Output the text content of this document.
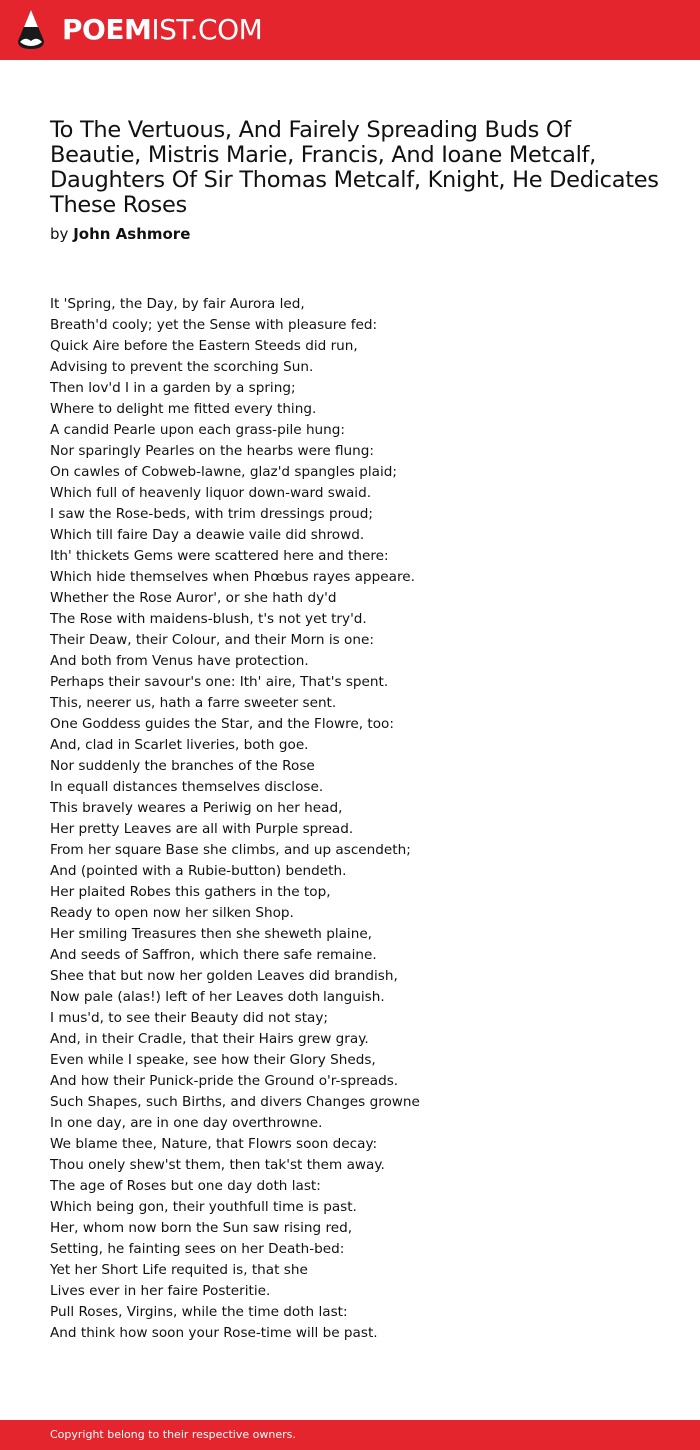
POEMIST.COM
To The Vertuous, And Fairely Spreading Buds Of Beautie, Mistris Marie, Francis, And Ioane Metcalf, Daughters Of Sir Thomas Metcalf, Knight, He Dedicates These Roses
by John Ashmore
It 'Spring, the Day, by fair Aurora led,
Breath'd cooly; yet the Sense with pleasure fed:
Quick Aire before the Eastern Steeds did run,
Advising to prevent the scorching Sun.
Then lov'd I in a garden by a spring;
Where to delight me fitted every thing.
A candid Pearle upon each grass-pile hung:
Nor sparingly Pearles on the hearbs were flung:
On cawles of Cobweb-lawne, glaz'd spangles plaid;
Which full of heavenly liquor down-ward swaid.
I saw the Rose-beds, with trim dressings proud;
Which till faire Day a deawie vaile did shrowd.
Ith' thickets Gems were scattered here and there:
Which hide themselves when Phœbus rayes appeare.
Whether the Rose Auror', or she hath dy'd
The Rose with maidens-blush, t's not yet try'd.
Their Deaw, their Colour, and their Morn is one:
And both from Venus have protection.
Perhaps their savour's one: Ith' aire, That's spent.
This, neerer us, hath a farre sweeter sent.
One Goddess guides the Star, and the Flowre, too:
And, clad in Scarlet liveries, both goe.
Nor suddenly the branches of the Rose
In equall distances themselves disclose.
This bravely weares a Periwig on her head,
Her pretty Leaves are all with Purple spread.
From her square Base she climbs, and up ascendeth;
And (pointed with a Rubie-button) bendeth.
Her plaited Robes this gathers in the top,
Ready to open now her silken Shop.
Her smiling Treasures then she sheweth plaine,
And seeds of Saffron, which there safe remaine.
Shee that but now her golden Leaves did brandish,
Now pale (alas!) left of her Leaves doth languish.
I mus'd, to see their Beauty did not stay;
And, in their Cradle, that their Hairs grew gray.
Even while I speake, see how their Glory Sheds,
And how their Punick-pride the Ground o'r-spreads.
Such Shapes, such Births, and divers Changes growne
In one day, are in one day overthrowne.
We blame thee, Nature, that Flowrs soon decay:
Thou onely shew'st them, then tak'st them away.
The age of Roses but one day doth last:
Which being gon, their youthfull time is past.
Her, whom now born the Sun saw rising red,
Setting, he fainting sees on her Death-bed:
Yet her Short Life requited is, that she
Lives ever in her faire Posteritie.
Pull Roses, Virgins, while the time doth last:
And think how soon your Rose-time will be past.
Copyright belong to their respective owners.
